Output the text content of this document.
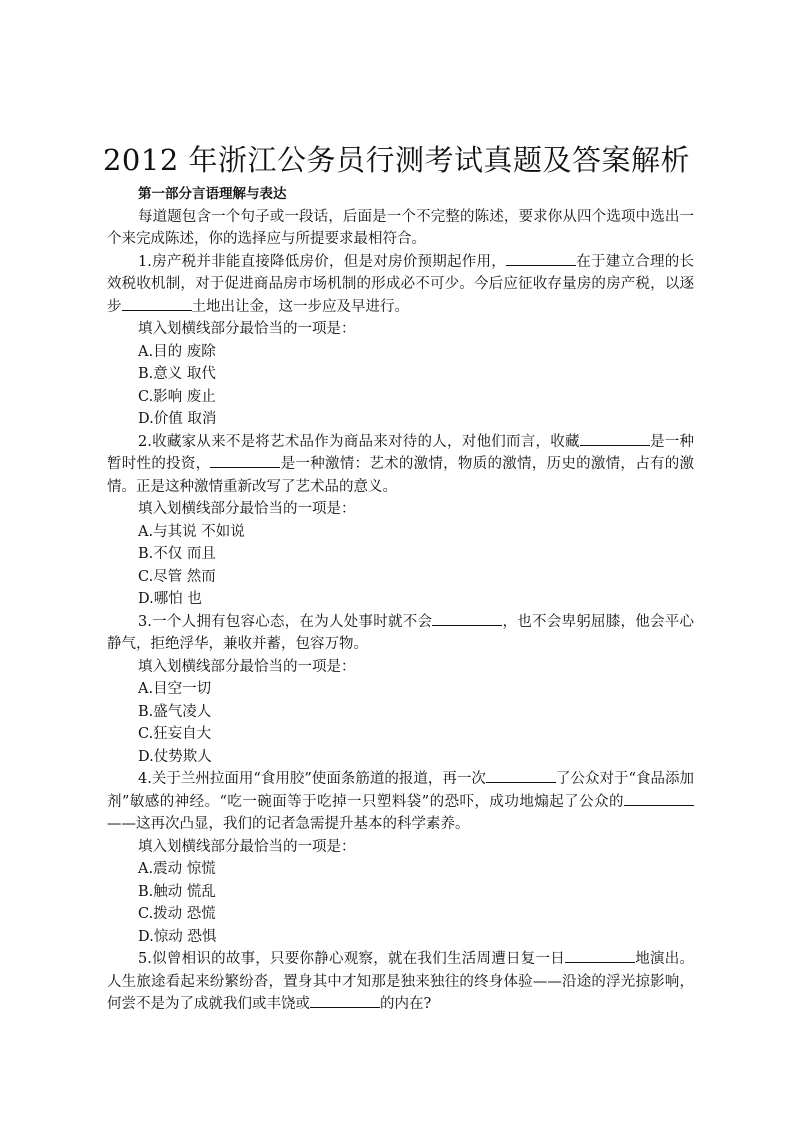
2012 年浙江公务员行测考试真题及答案解析

第一部分言语理解与表达

每道题包含一个句子或一段话，后面是一个不完整的陈述，要求你从四个选项中选出一个来完成陈述，你的选择应与所提要求最相符合。

1.房产税并非能直接降低房价，但是对房价预期起作用，	在于建立合理的长效税收机制，对于促进商品房市场机制的形成必不可少。今后应征收存量房的房产税，以逐步	土地出让金，这一步应及早进行。

填入划横线部分最恰当的一项是：

A.目的 废除

B.意义 取代

C.影响 废止

D.价值 取消

2.收藏家从来不是将艺术品作为商品来对待的人，对他们而言，收藏	是一种暂时性的投资，	是一种激情：艺术的激情，物质的激情，历史的激情，占有的激情。正是这种激情重新改写了艺术品的意义。

填入划横线部分最恰当的一项是：

A.与其说 不如说

B.不仅 而且

C.尽管 然而

D.哪怕 也

3.一个人拥有包容心态，在为人处事时就不会	，也不会卑躬屈膝，他会平心静气，拒绝浮华，兼收并蓄，包容万物。

填入划横线部分最恰当的一项是：

A.目空一切

B.盛气凌人

C.狂妄自大

D.仗势欺人

4.关于兰州拉面用“食用胶”使面条筋道的报道，再一次	了公众对于“食品添加剂”敏感的神经。“吃一碗面等于吃掉一只塑料袋”的恐吓，成功地煽起了公众的——这再次凸显，我们的记者急需提升基本的科学素养。

填入划横线部分最恰当的一项是：

A.震动 惊慌

B.触动 慌乱

C.拨动 恐慌

D.惊动 恐惧

5.似曾相识的故事，只要你静心观察，就在我们生活周遭日复一日	地演出。人生旅途看起来纷繁纷沓，置身其中才知那是独来独往的终身体验——沿途的浮光掠影响，何尝不是为了成就我们或丰饶或	的内在?
